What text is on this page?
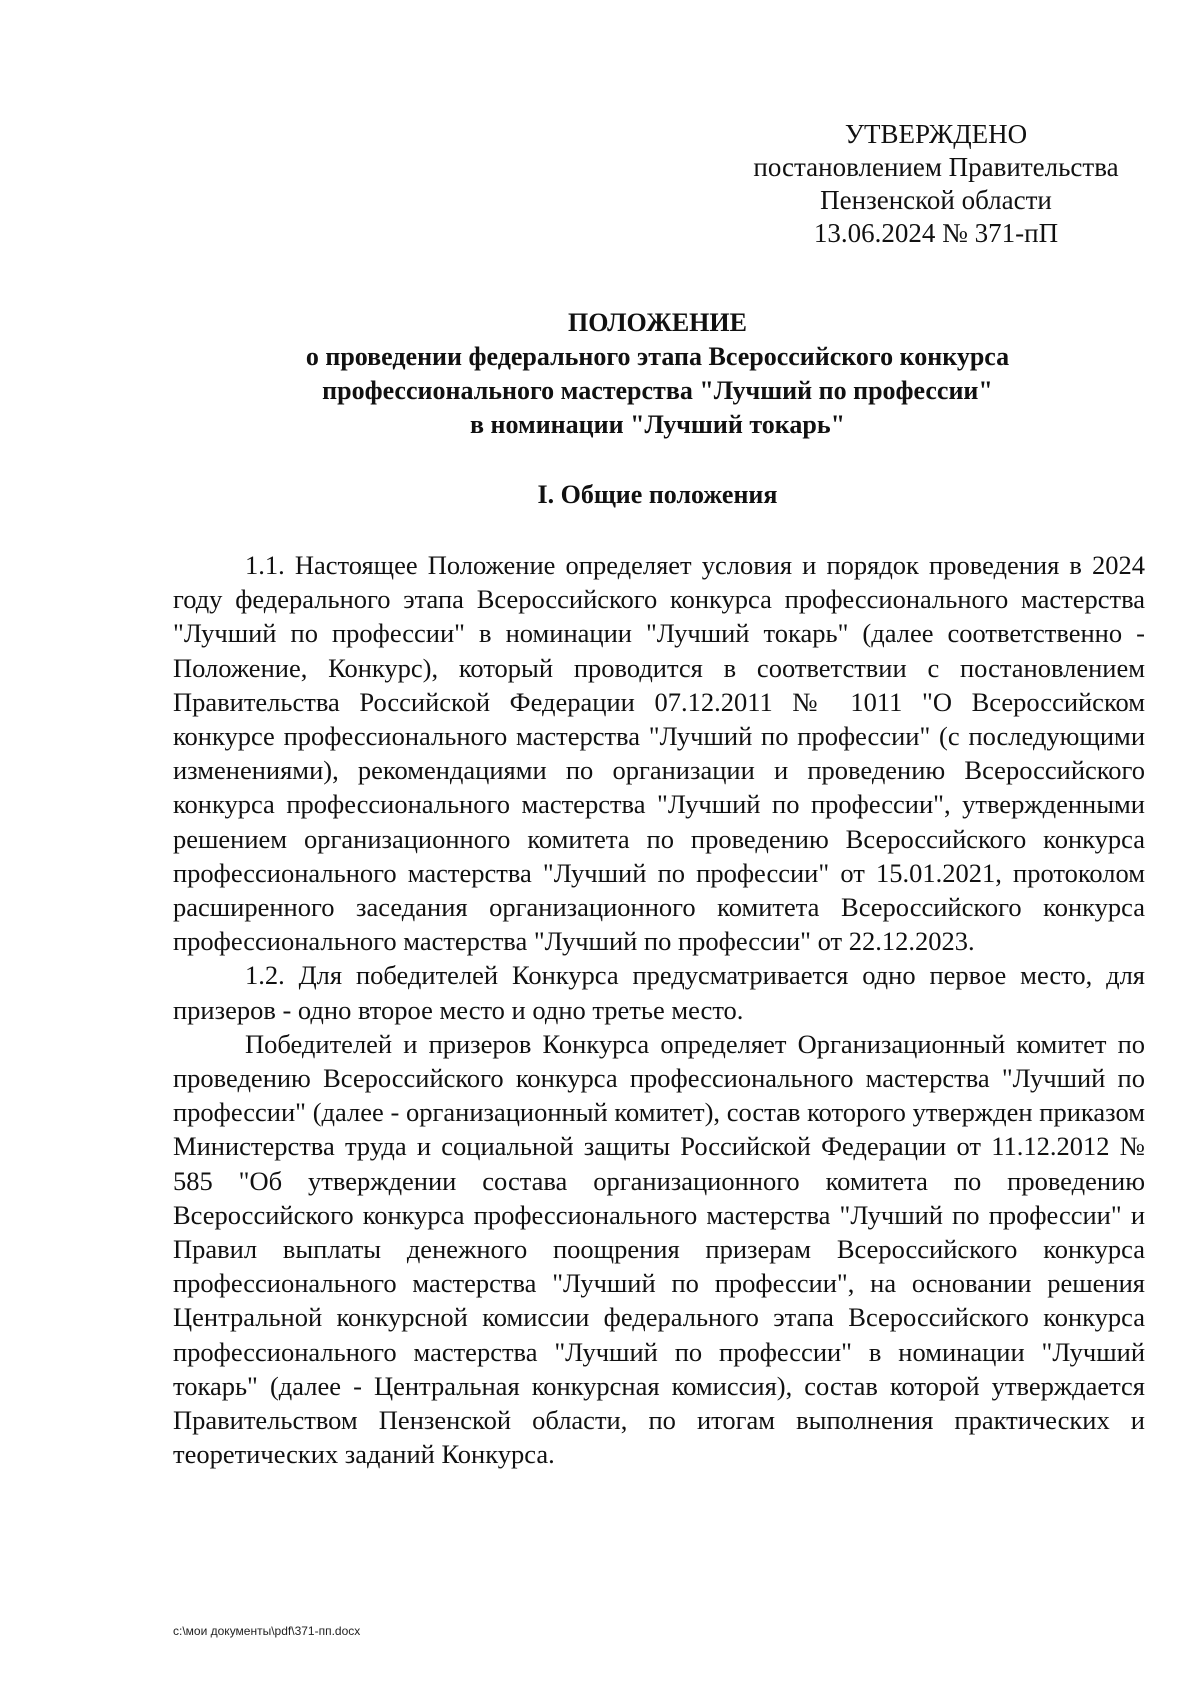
УТВЕРЖДЕНО
постановлением Правительства
Пензенской области
13.06.2024 № 371-пП
ПОЛОЖЕНИЕ
о проведении федерального этапа Всероссийского конкурса
профессионального мастерства "Лучший по профессии"
в номинации "Лучший токарь"
I. Общие положения

1.1. Настоящее Положение определяет условия и порядок проведения в 2024 году федерального этапа Всероссийского конкурса профессионального мастерства "Лучший по профессии" в номинации "Лучший токарь" (далее соответственно - Положение, Конкурс), который проводится в соответствии с постановлением Правительства Российской Федерации 07.12.2011 № 1011 "О Всероссийском конкурсе профессионального мастерства "Лучший по профессии" (с последующими изменениями), рекомендациями по организации и проведению Всероссийского конкурса профессионального мастерства "Лучший по профессии", утвержденными решением организационного комитета по проведению Всероссийского конкурса профессионального мастерства "Лучший по профессии" от 15.01.2021, протоколом расширенного заседания организационного комитета Всероссийского конкурса профессионального мастерства "Лучший по профессии" от 22.12.2023.

1.2. Для победителей Конкурса предусматривается одно первое место, для призеров - одно второе место и одно третье место.

Победителей и призеров Конкурса определяет Организационный комитет по проведению Всероссийского конкурса профессионального мастерства "Лучший по профессии" (далее - организационный комитет), состав которого утвержден приказом Министерства труда и социальной защиты Российской Федерации от 11.12.2012 № 585 "Об утверждении состава организационного комитета по проведению Всероссийского конкурса профессионального мастерства "Лучший по профессии" и Правил выплаты денежного поощрения призерам Всероссийского конкурса профессионального мастерства "Лучший по профессии", на основании решения Центральной конкурсной комиссии федерального этапа Всероссийского конкурса профессионального мастерства "Лучший по профессии" в номинации "Лучший токарь" (далее - Центральная конкурсная комиссия), состав которой утверждается Правительством Пензенской области, по итогам выполнения практических и теоретических заданий Конкурса.

c:\мои документы\pdf\371-пп.docx
